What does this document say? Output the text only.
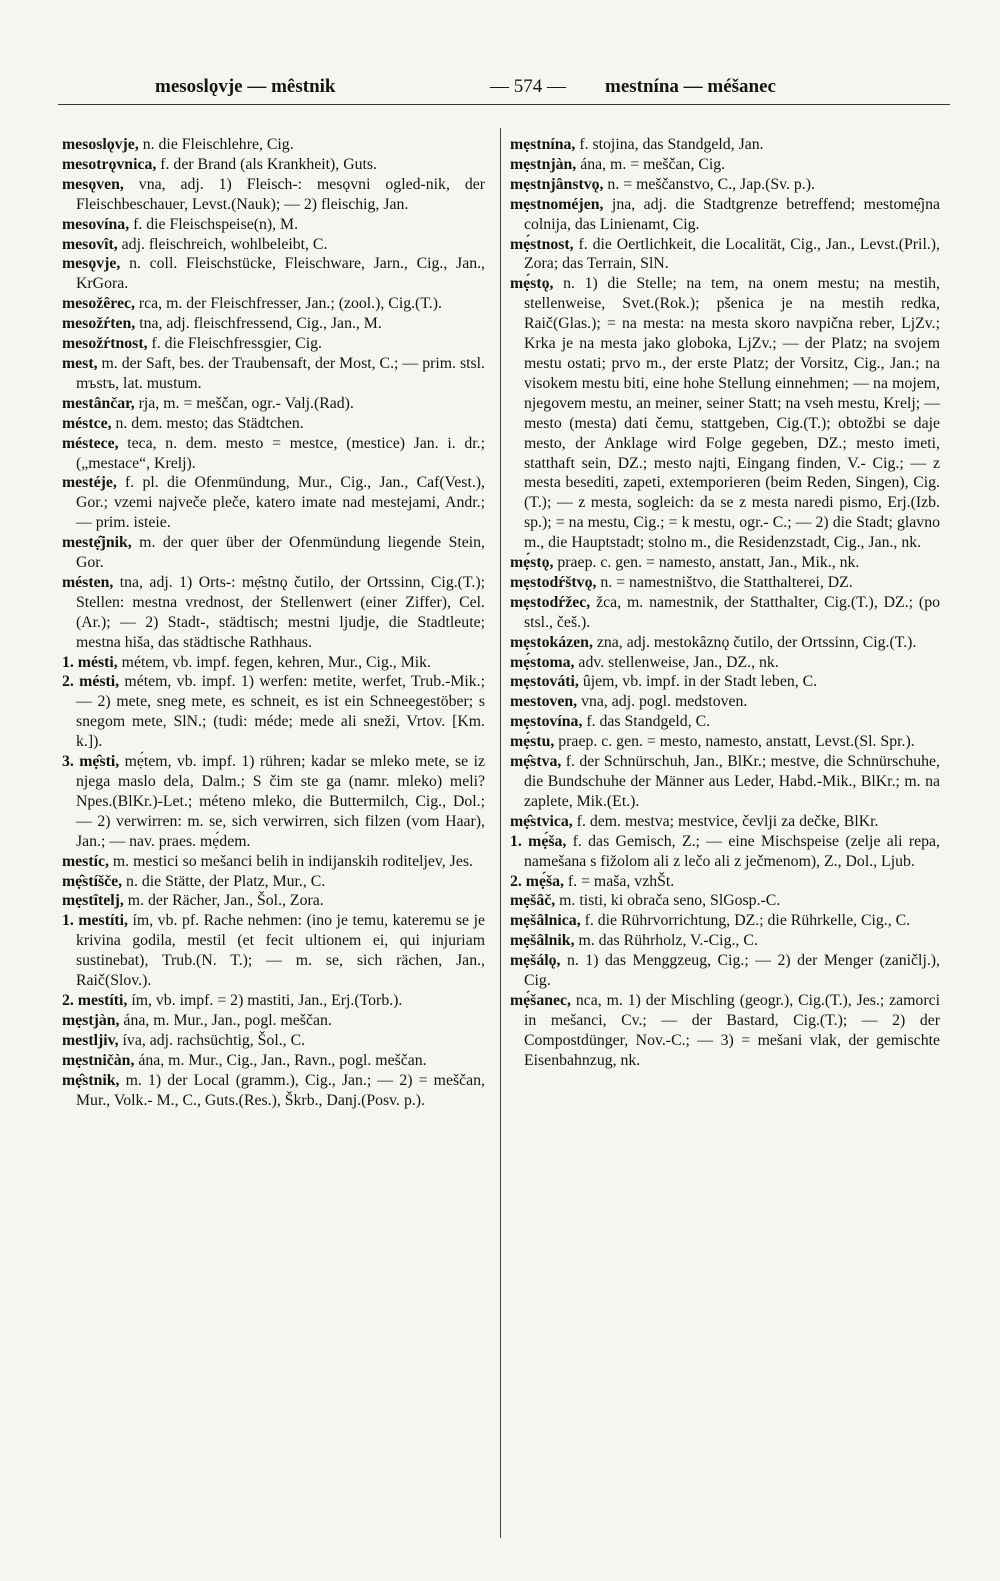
mesoslǫvje — mêstnik	— 574 — mestnína — méšanec

mesoslǫvje, n. die Fleischlehre, Cig.

mesotrǫvnica, f. der Brand (als Krankheit), Guts.

mesǫven, vna, adj. 1) Fleisch-: mesǫvni ogled-nik, der Fleischbeschauer, Levst.(Nauk); — 2) fleischig, Jan.

mesovína, f. die Fleischspeise(n), M.

mesovît, adj. fleischreich, wohlbeleibt, C.

mesǫvje, n. coll. Fleischstücke, Fleischware, Jarn., Cig., Jan., KrGora.

mesožêrec, rca, m. der Fleischfresser, Jan.; (zool.), Cig.(T.).

mesožŕten, tna, adj. fleischfressend, Cig., Jan., M.

mesožŕtnost, f. die Fleischfressgier, Cig.

mest, m. der Saft, bes. der Traubensaft, der Most, C.; — prim. stsl. mъstъ, lat. mustum.

mestânčar, rja, m. = meščan, ogr.- Valj.(Rad).

méstce, n. dem. mesto; das Städtchen.

méstece, teca, n. dem. mesto = mestce, (mestice) Jan. i. dr.; („mestace“, Krelj).

mestéje, f. pl. die Ofenmündung, Mur., Cig., Jan., Caf(Vest.), Gor.; vzemi največe pleče, katero imate nad mestejami, Andr.; — prim. isteie.

mestẹ̑jnik, m. der quer über der Ofenmündung liegende Stein, Gor.

mésten, tna, adj. 1) Orts-: mẹ̑stnǫ čutilo, der Ortssinn, Cig.(T.); Stellen: mestna vrednost, der Stellenwert (einer Ziffer), Cel.(Ar.); — 2) Stadt-, städtisch; mestni ljudje, die Stadtleute; mestna hiša, das städtische Rathhaus.

1. mésti, métem, vb. impf. fegen, kehren, Mur., Cig., Mik.

2. mésti, métem, vb. impf. 1) werfen: metite, werfet, Trub.-Mik.; — 2) mete, sneg mete, es schneit, es ist ein Schneegestöber; s snegom mete, SlN.; (tudi: méde; mede ali sneži, Vrtov. [Km. k.]).

3. mẹ̑sti, mẹ́tem, vb. impf. 1) rühren; kadar se mleko mete, se iz njega maslo dela, Dalm.; S čim ste ga (namr. mleko) meli? Npes.(BlKr.)-Let.; méteno mleko, die Buttermilch, Cig., Dol.; — 2) verwirren: m. se, sich verwirren, sich filzen (vom Haar), Jan.; — nav. praes. mẹ́dem.

mestíc, m. mestici so mešanci belih in indijanskih roditeljev, Jes.

mẹ̑stíšče, n. die Stätte, der Platz, Mur., C.

mẹstîtelj, m. der Rächer, Jan., Šol., Zora.

1. mestíti, ím, vb. pf. Rache nehmen: (ino je temu, kateremu se je krivina godila, mestil (et fecit ultionem ei, qui injuriam sustinebat), Trub.(N. T.); — m. se, sich rächen, Jan., Raič(Slov.).

2. mestíti, ím, vb. impf. = 2) mastiti, Jan., Erj.(Torb.).

mẹstjàn, ána, m. Mur., Jan., pogl. meščan.

mestljiv, íva, adj. rachsüchtig, Šol., C.

mẹstničàn, ána, m. Mur., Cig., Jan., Ravn., pogl. meščan.

mẹ̑stnik, m. 1) der Local (gramm.), Cig., Jan.; — 2) = meščan, Mur., Volk.- M., C., Guts.(Res.), Škrb., Danj.(Posv. p.).

mẹstnína, f. stojina, das Standgeld, Jan.

mẹstnjàn, ána, m. = meščan, Cig.

mẹstnjânstvǫ, n. = meščanstvo, C., Jap.(Sv. p.).

mẹstnoméjen, jna, adj. die Stadtgrenze betreffend; mestomẹ̑jna colnija, das Linienamt, Cig.

mẹ́stnost, f. die Oertlichkeit, die Localität, Cig., Jan., Levst.(Pril.), Zora; das Terrain, SlN.

mẹ́stǫ, n. 1) die Stelle; na tem, na onem mestu; na mestih, stellenweise, Svet.(Rok.); pšenica je na mestih redka, Raič(Glas.); = na mesta: na mesta skoro navpična reber, LjZv.; Krka je na mesta jako globoka, LjZv.; — der Platz; na svojem mestu ostati; prvo m., der erste Platz; der Vorsitz, Cig., Jan.; na visokem mestu biti, eine hohe Stellung einnehmen; — na mojem, njegovem mestu, an meiner, seiner Statt; na vseh mestu, Krelj; — mesto (mesta) dati čemu, stattgeben, Cig.(T.); obtožbi se daje mesto, der Anklage wird Folge gegeben, DZ.; mesto imeti, statthaft sein, DZ.; mesto najti, Eingang finden, V.- Cig.; — z mesta besediti, zapeti, extemporieren (beim Reden, Singen), Cig.(T.); — z mesta, sogleich: da se z mesta naredi pismo, Erj.(Izb. sp.); = na mestu, Cig.; = k mestu, ogr.- C.; — 2) die Stadt; glavno m., die Hauptstadt; stolno m., die Residenzstadt, Cig., Jan., nk.

mẹ́stǫ, praep. c. gen. = namesto, anstatt, Jan., Mik., nk.

mẹstodŕštvǫ, n. = namestništvo, die Statthalterei, DZ.

mẹstodŕžec, žca, m. namestnik, der Statthalter, Cig.(T.), DZ.; (po stsl., češ.).

mẹstokázen, zna, adj. mestokȃznǫ čutilo, der Ortssinn, Cig.(T.).

mẹ́stoma, adv. stellenweise, Jan., DZ., nk.

mẹstováti, ûjem, vb. impf. in der Stadt leben, C.

mestoven, vna, adj. pogl. medstoven.

mẹstovína, f. das Standgeld, C.

mẹ́stu, praep. c. gen. = mesto, namesto, anstatt, Levst.(Sl. Spr.).

mẹ̑stva, f. der Schnürschuh, Jan., BlKr.; mestve, die Schnürschuhe, die Bundschuhe der Männer aus Leder, Habd.-Mik., BlKr.; m. na zaplete, Mik.(Et.).

mẹ̑stvica, f. dem. mestva; mestvice, čevlji za dečke, BlKr.

1. mẹ́ša, f. das Gemisch, Z.; — eine Mischspeise (zelje ali repa, namešana s fižolom ali z lečo ali z ječmenom), Z., Dol., Ljub.

2. mẹ́ša, f. = maša, vzhŠt.

mẹšȃč, m. tisti, ki obrača seno, SlGosp.-C.

mẹšȃlnica, f. die Rührvorrichtung, DZ.; die Rührkelle, Cig., C.

mẹšȃlnik, m. das Rührholz, V.-Cig., C.

mẹšálǫ, n. 1) das Menggzeug, Cig.; — 2) der Menger (zaničlj.), Cig.

mẹ́šanec, nca, m. 1) der Mischling (geogr.), Cig.(T.), Jes.; zamorci in mešanci, Cv.; — der Bastard, Cig.(T.); — 2) der Compostdünger, Nov.-C.; — 3) = mešani vlak, der gemischte Eisenbahnzug, nk.
